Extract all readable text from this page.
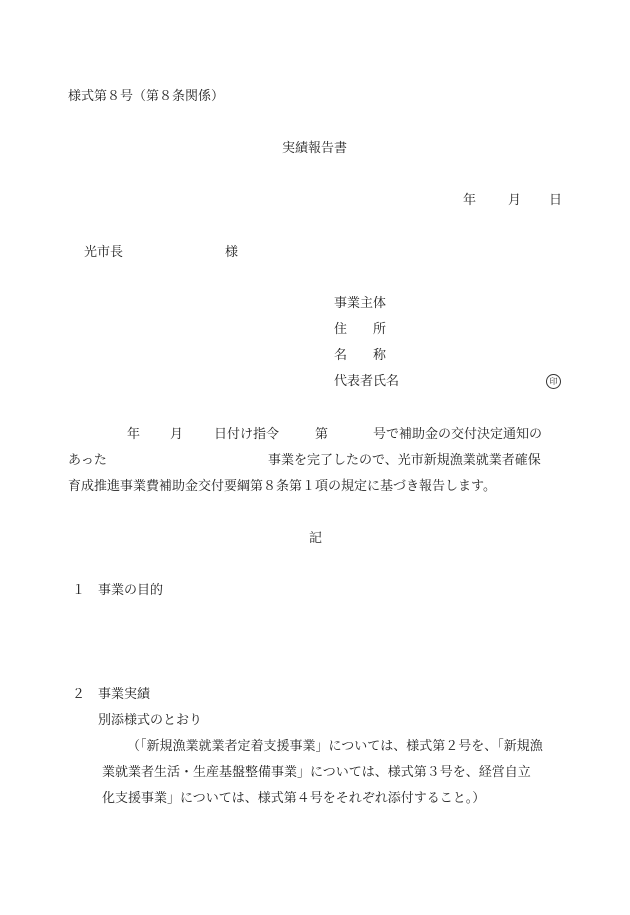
様式第８号（第８条関係）
実績報告書
年 月 日
光市長	様
事業主体
住　　所
名　　称
代表者氏名	印
年 月 日付け指令	第	号で補助金の交付決定通知の
あった	事業を完了したので、光市新規漁業就業者確保
育成推進事業費補助金交付要綱第８条第１項の規定に基づき報告します。
記
１ 事業の目的
２ 事業実績
別添様式のとおり
（「新規漁業就業者定着支援事業」については、様式第２号を、「新規漁
業就業者生活・生産基盤整備事業」については、様式第３号を、経営自立
化支援事業」については、様式第４号をそれぞれ添付すること。）
